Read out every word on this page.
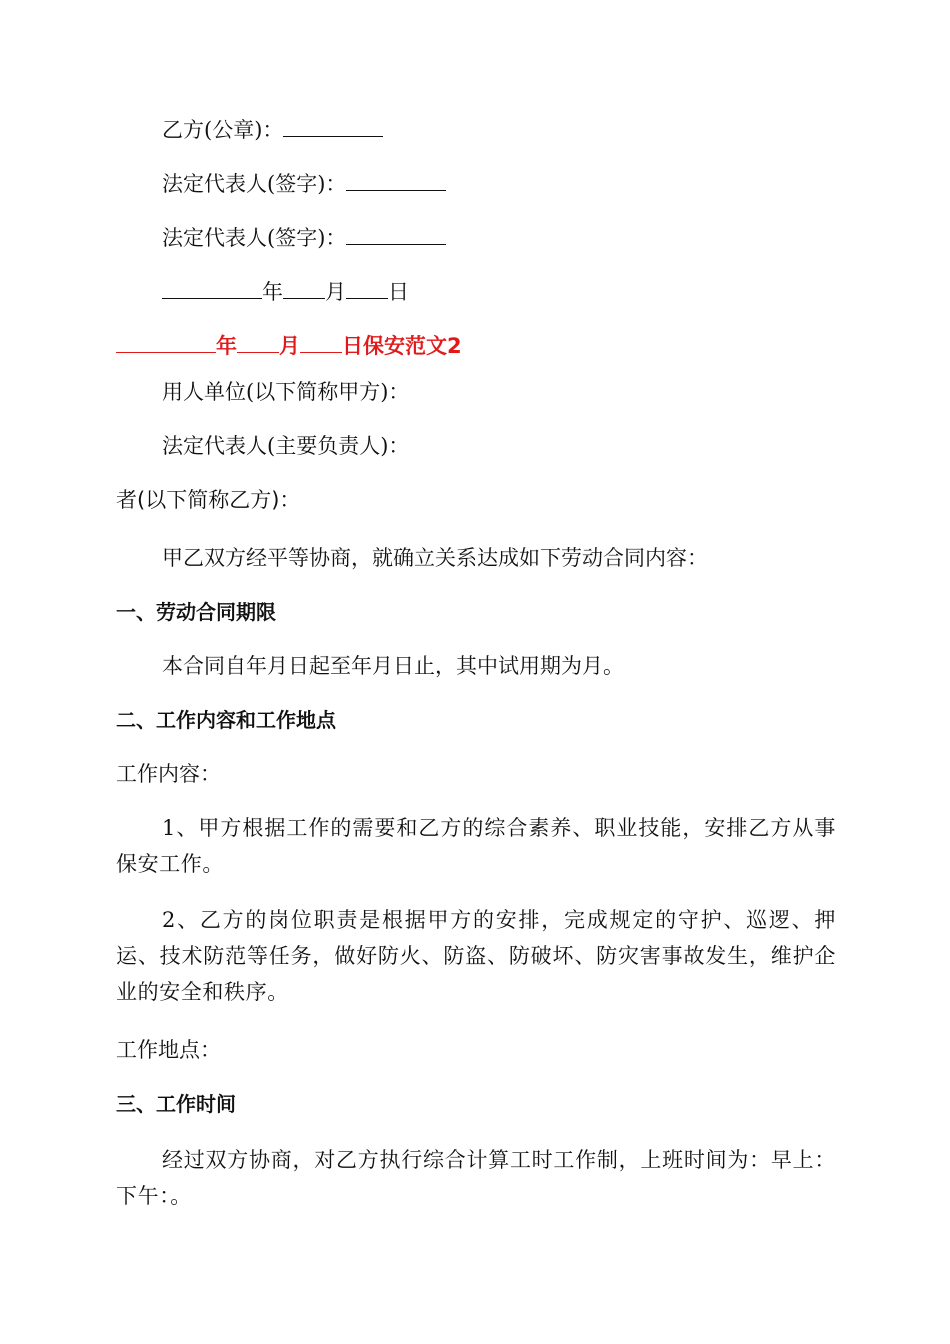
乙方(公章)：
法定代表人(签字)：
法定代表人(签字)：
年 月 日
年 月 日保安范文2
用人单位(以下简称甲方)：
法定代表人(主要负责人)：
者(以下简称乙方)：
甲乙双方经平等协商，就确立关系达成如下劳动合同内容：
一、劳动合同期限
本合同自年月日起至年月日止，其中试用期为月。
二、工作内容和工作地点
工作内容：
1、甲方根据工作的需要和乙方的综合素养、职业技能，安排乙方从事保安工作。
2、乙方的岗位职责是根据甲方的安排，完成规定的守护、巡逻、押运、技术防范等任务，做好防火、防盗、防破坏、防灾害事故发生，维护企业的安全和秩序。
工作地点：
三、工作时间
经过双方协商，对乙方执行综合计算工时工作制，上班时间为：早上：下午：。
